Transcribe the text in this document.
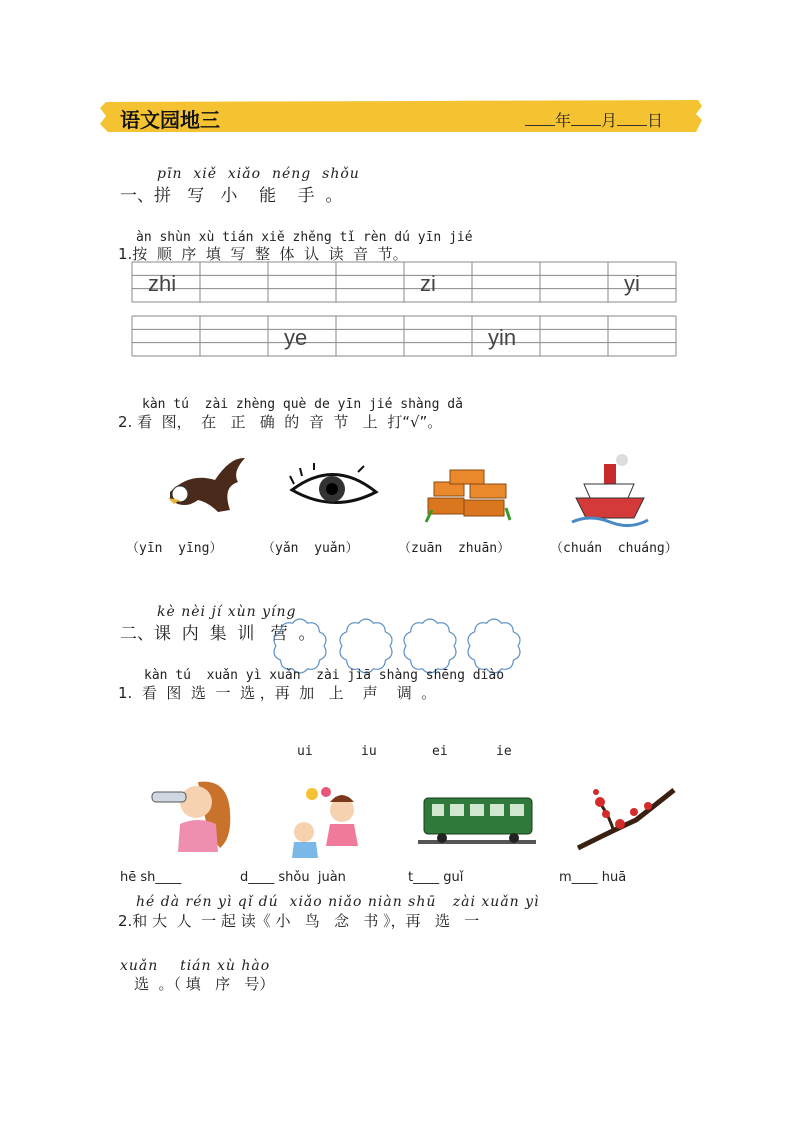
语文园地三	年 月 日
pīn  xiě  xiǎo  néng  shǒu
一、拼   写   小    能    手  。
àn shùn xù tián xiě zhěng tǐ rèn dú yīn jié
1.按  顺  序  填  写  整  体  认  读  音  节。
zhi	zi	yi
ye	yin
kàn tú  zài zhèng què de yīn jié shàng dǎ
2. 看  图，  在   正   确  的  音  节   上  打“√”。
（yīn  yīng）	（yǎn  yuǎn）	（zuān  zhuān）	（chuán  chuáng）
kè nèi jí xùn yíng
二、课  内  集  训   营  。
kàn tú  xuǎn yì xuǎn  zài jiā shàng shēng diào
1.  看  图  选  一  选 ，再  加   上    声    调  。
ui	iu	ei	ie
hē sh____	d____ shǒu  juàn	t____ guǐ	m____ huā
hé dà rén yì qǐ dú  xiǎo niǎo niàn shū   zài xuǎn yì
2.和 大  人  一 起 读《 小   鸟   念   书 》，再   选   一
xuǎn    tián xù hào
选  。（ 填   序   号）
